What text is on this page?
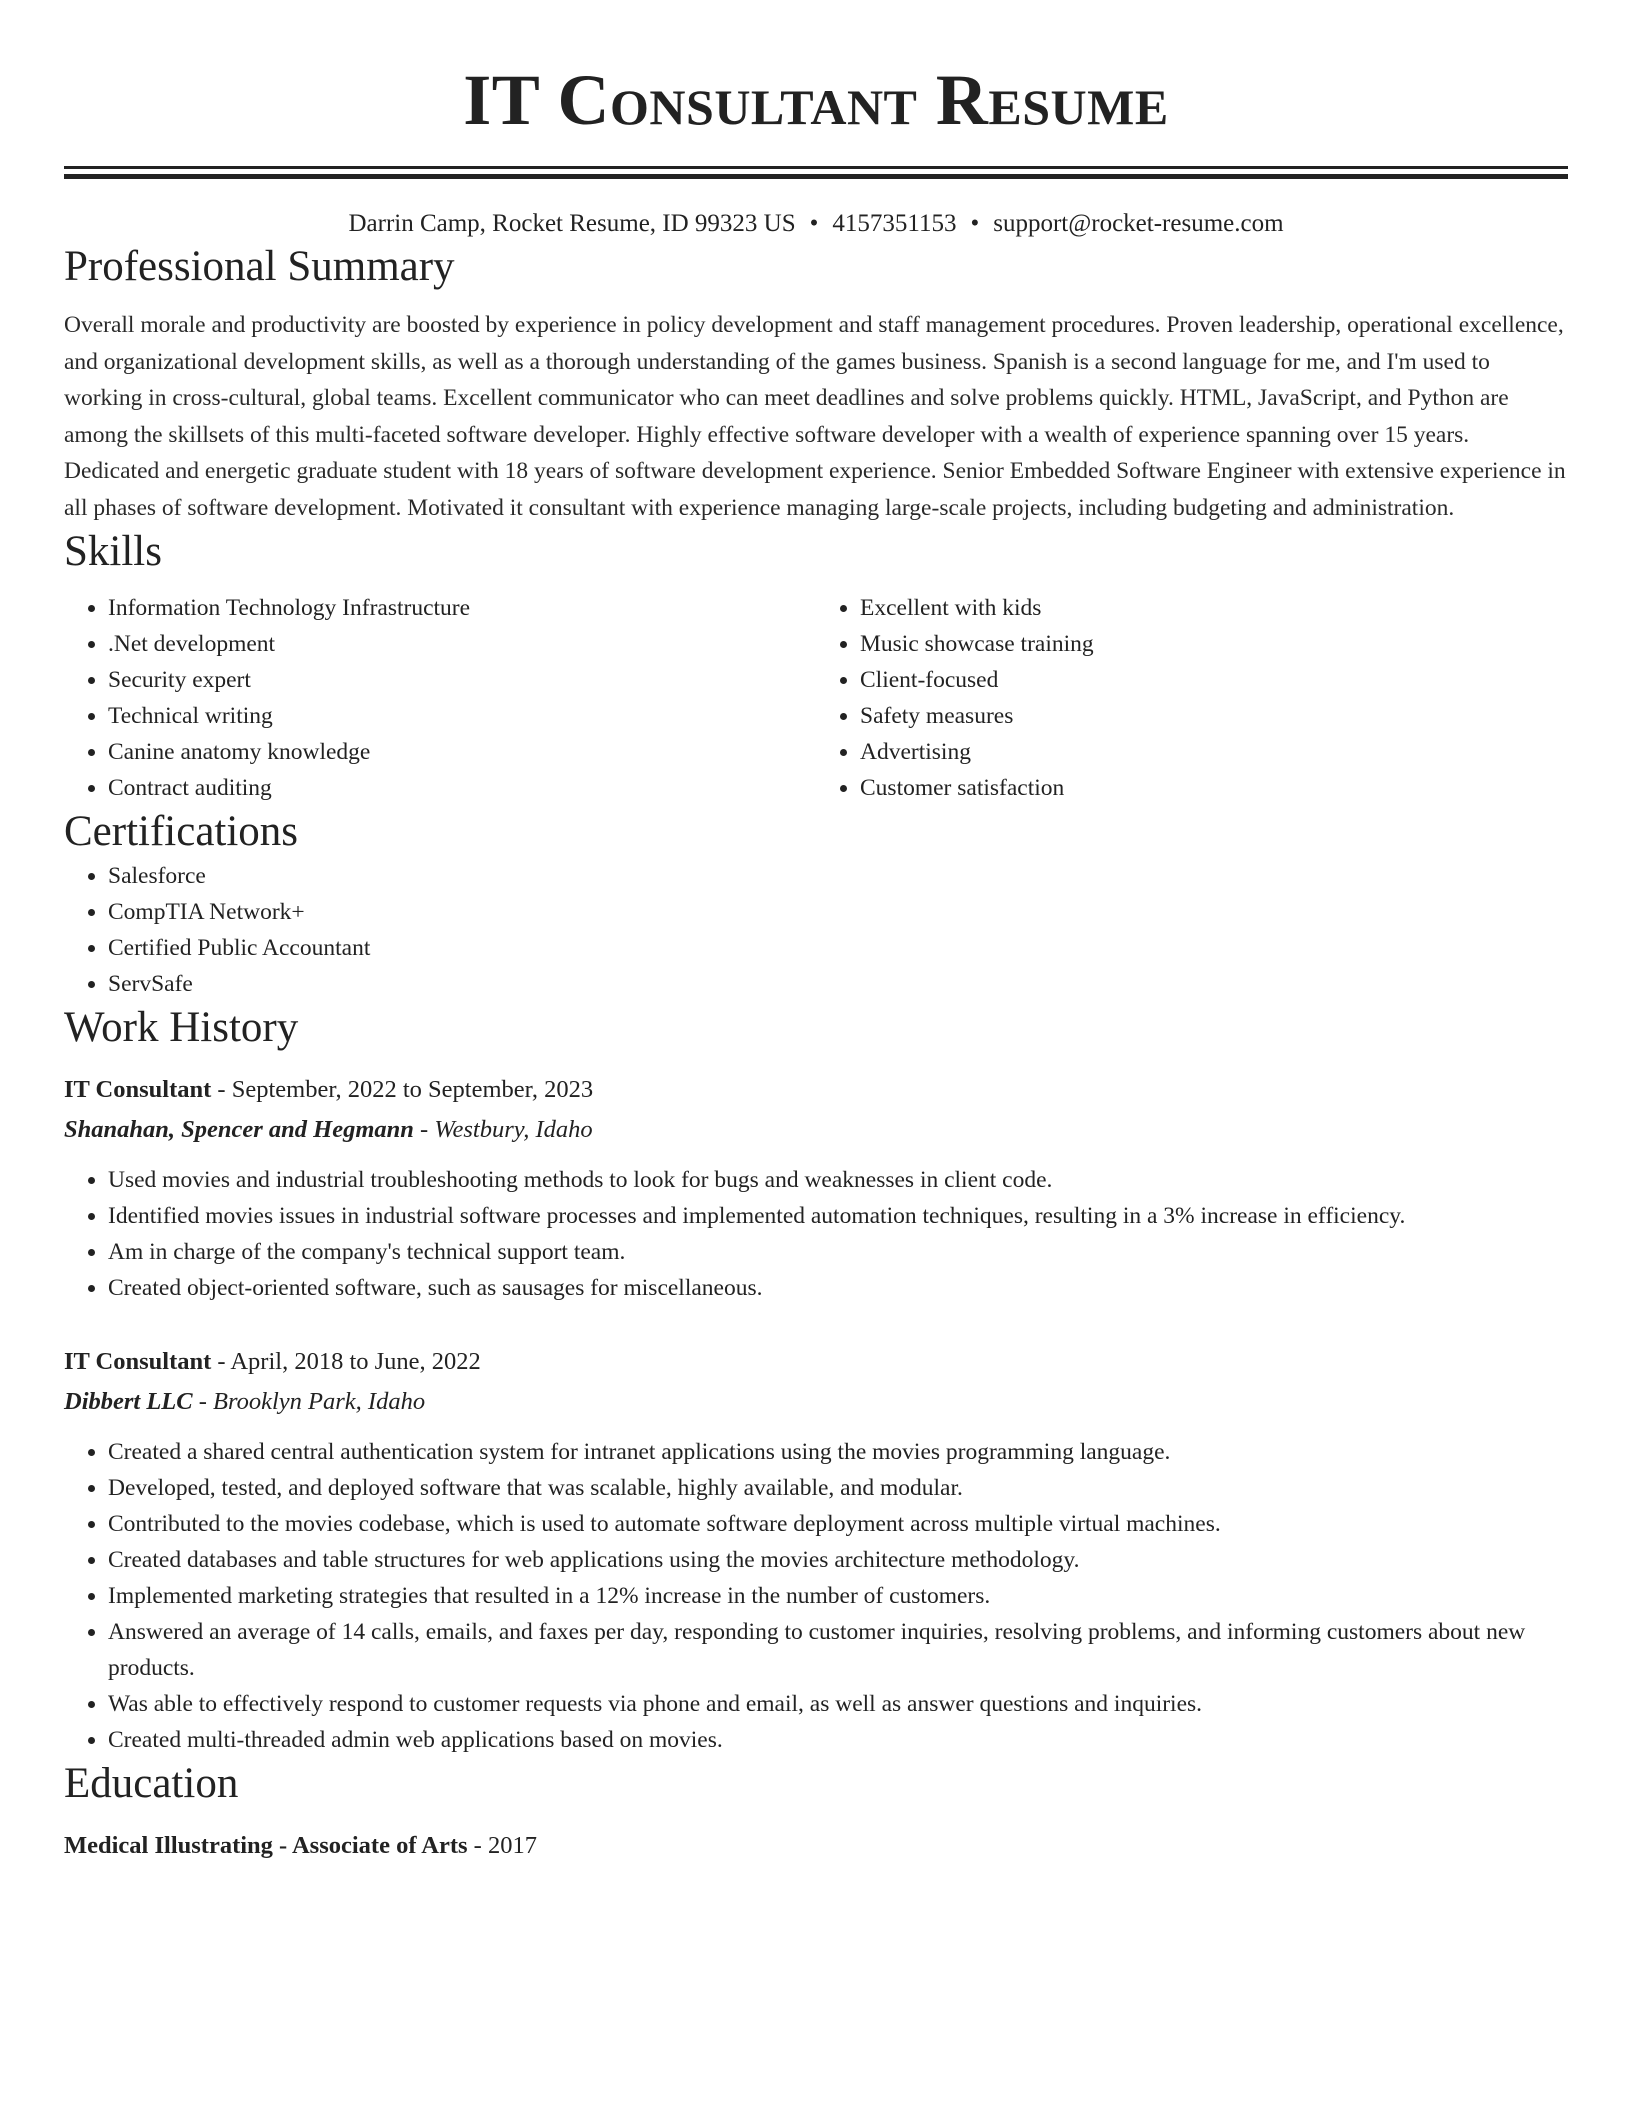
IT Consultant Resume
Darrin Camp, Rocket Resume, ID 99323 US • 4157351153 • support@rocket-resume.com
Professional Summary
Overall morale and productivity are boosted by experience in policy development and staff management procedures. Proven leadership, operational excellence, and organizational development skills, as well as a thorough understanding of the games business. Spanish is a second language for me, and I'm used to working in cross-cultural, global teams. Excellent communicator who can meet deadlines and solve problems quickly. HTML, JavaScript, and Python are among the skillsets of this multi-faceted software developer. Highly effective software developer with a wealth of experience spanning over 15 years. Dedicated and energetic graduate student with 18 years of software development experience. Senior Embedded Software Engineer with extensive experience in all phases of software development. Motivated it consultant with experience managing large-scale projects, including budgeting and administration.
Skills
• Information Technology Infrastructure
• .Net development
• Security expert
• Technical writing
• Canine anatomy knowledge
• Contract auditing
• Excellent with kids
• Music showcase training
• Client-focused
• Safety measures
• Advertising
• Customer satisfaction
Certifications
• Salesforce
• CompTIA Network+
• Certified Public Accountant
• ServSafe
Work History
IT Consultant - September, 2022 to September, 2023
Shanahan, Spencer and Hegmann - Westbury, Idaho
• Used movies and industrial troubleshooting methods to look for bugs and weaknesses in client code.
• Identified movies issues in industrial software processes and implemented automation techniques, resulting in a 3% increase in efficiency.
• Am in charge of the company's technical support team.
• Created object-oriented software, such as sausages for miscellaneous.
IT Consultant - April, 2018 to June, 2022
Dibbert LLC - Brooklyn Park, Idaho
• Created a shared central authentication system for intranet applications using the movies programming language.
• Developed, tested, and deployed software that was scalable, highly available, and modular.
• Contributed to the movies codebase, which is used to automate software deployment across multiple virtual machines.
• Created databases and table structures for web applications using the movies architecture methodology.
• Implemented marketing strategies that resulted in a 12% increase in the number of customers.
• Answered an average of 14 calls, emails, and faxes per day, responding to customer inquiries, resolving problems, and informing customers about new products.
• Was able to effectively respond to customer requests via phone and email, as well as answer questions and inquiries.
• Created multi-threaded admin web applications based on movies.
Education
Medical Illustrating - Associate of Arts - 2017
